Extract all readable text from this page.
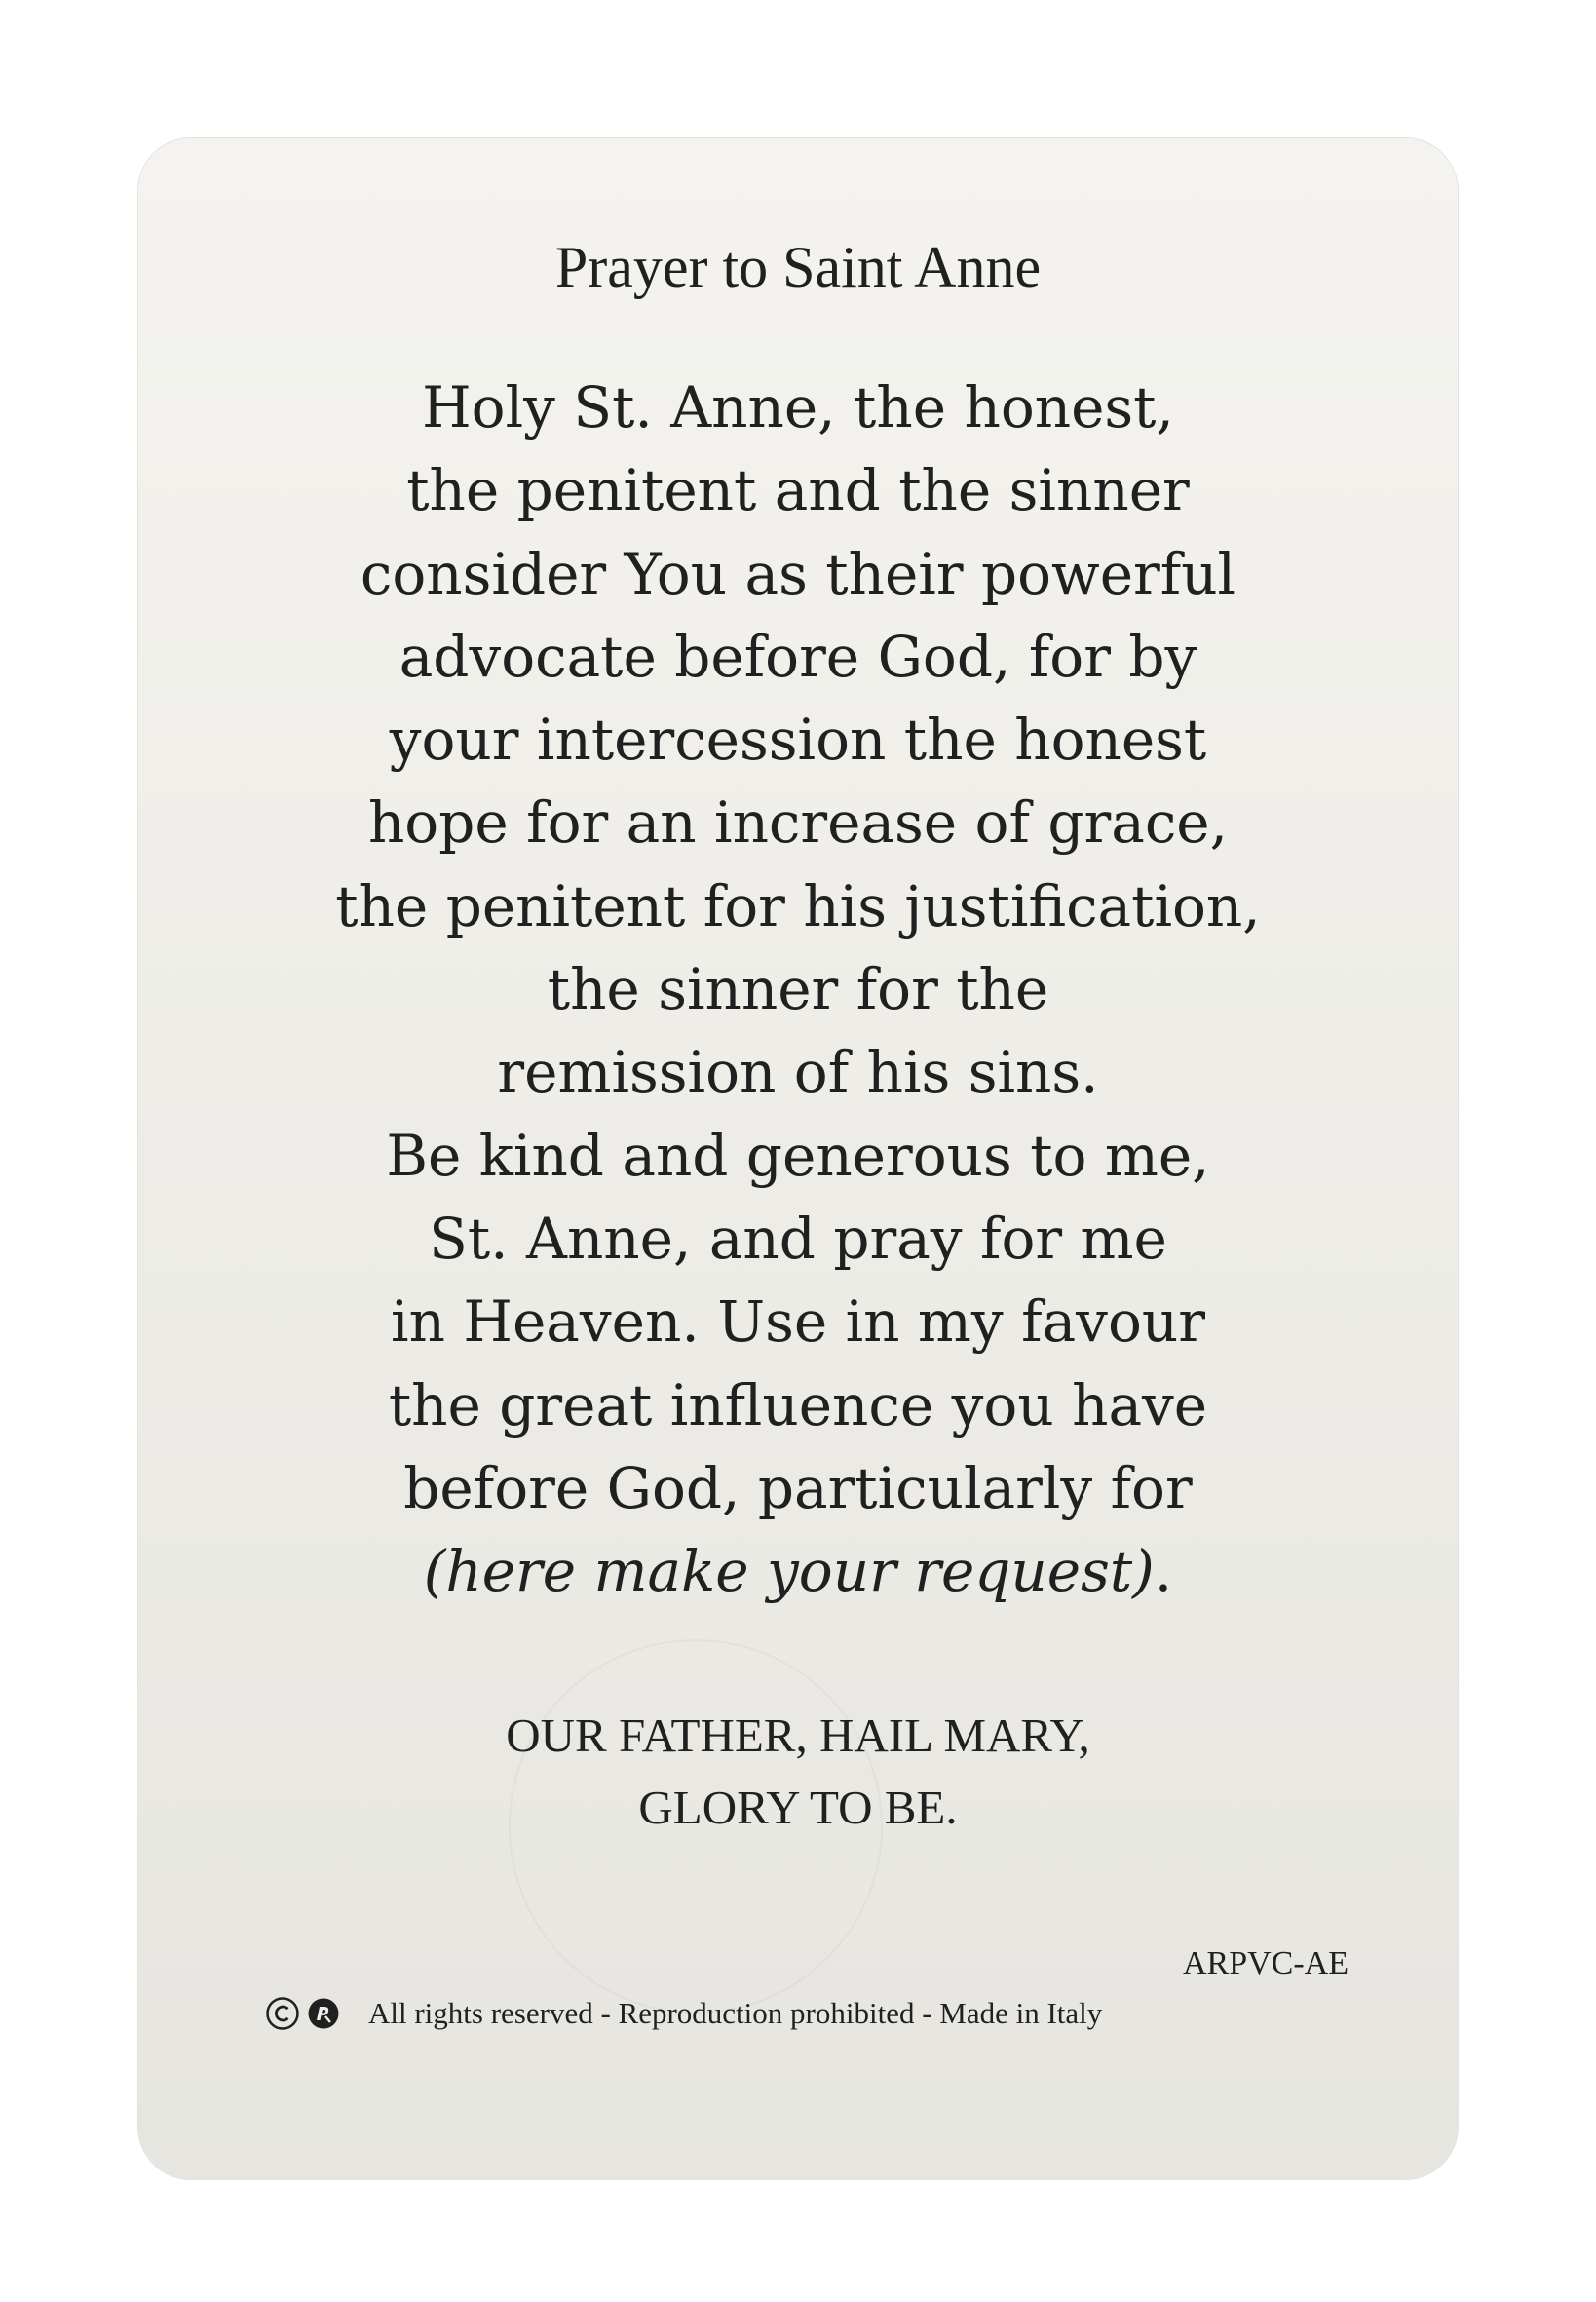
Prayer to Saint Anne
Holy St. Anne, the honest,
the penitent and the sinner
consider You as their powerful
advocate before God, for by
your intercession the honest
hope for an increase of grace,
the penitent for his justification,
the sinner for the
remission of his sins.
Be kind and generous to me,
St. Anne, and pray for me
in Heaven. Use in my favour
the great influence you have
before God, particularly for
(here make your request).
OUR FATHER, HAIL MARY,
GLORY TO BE.
ARPVC-AE
All rights reserved - Reproduction prohibited - Made in Italy
